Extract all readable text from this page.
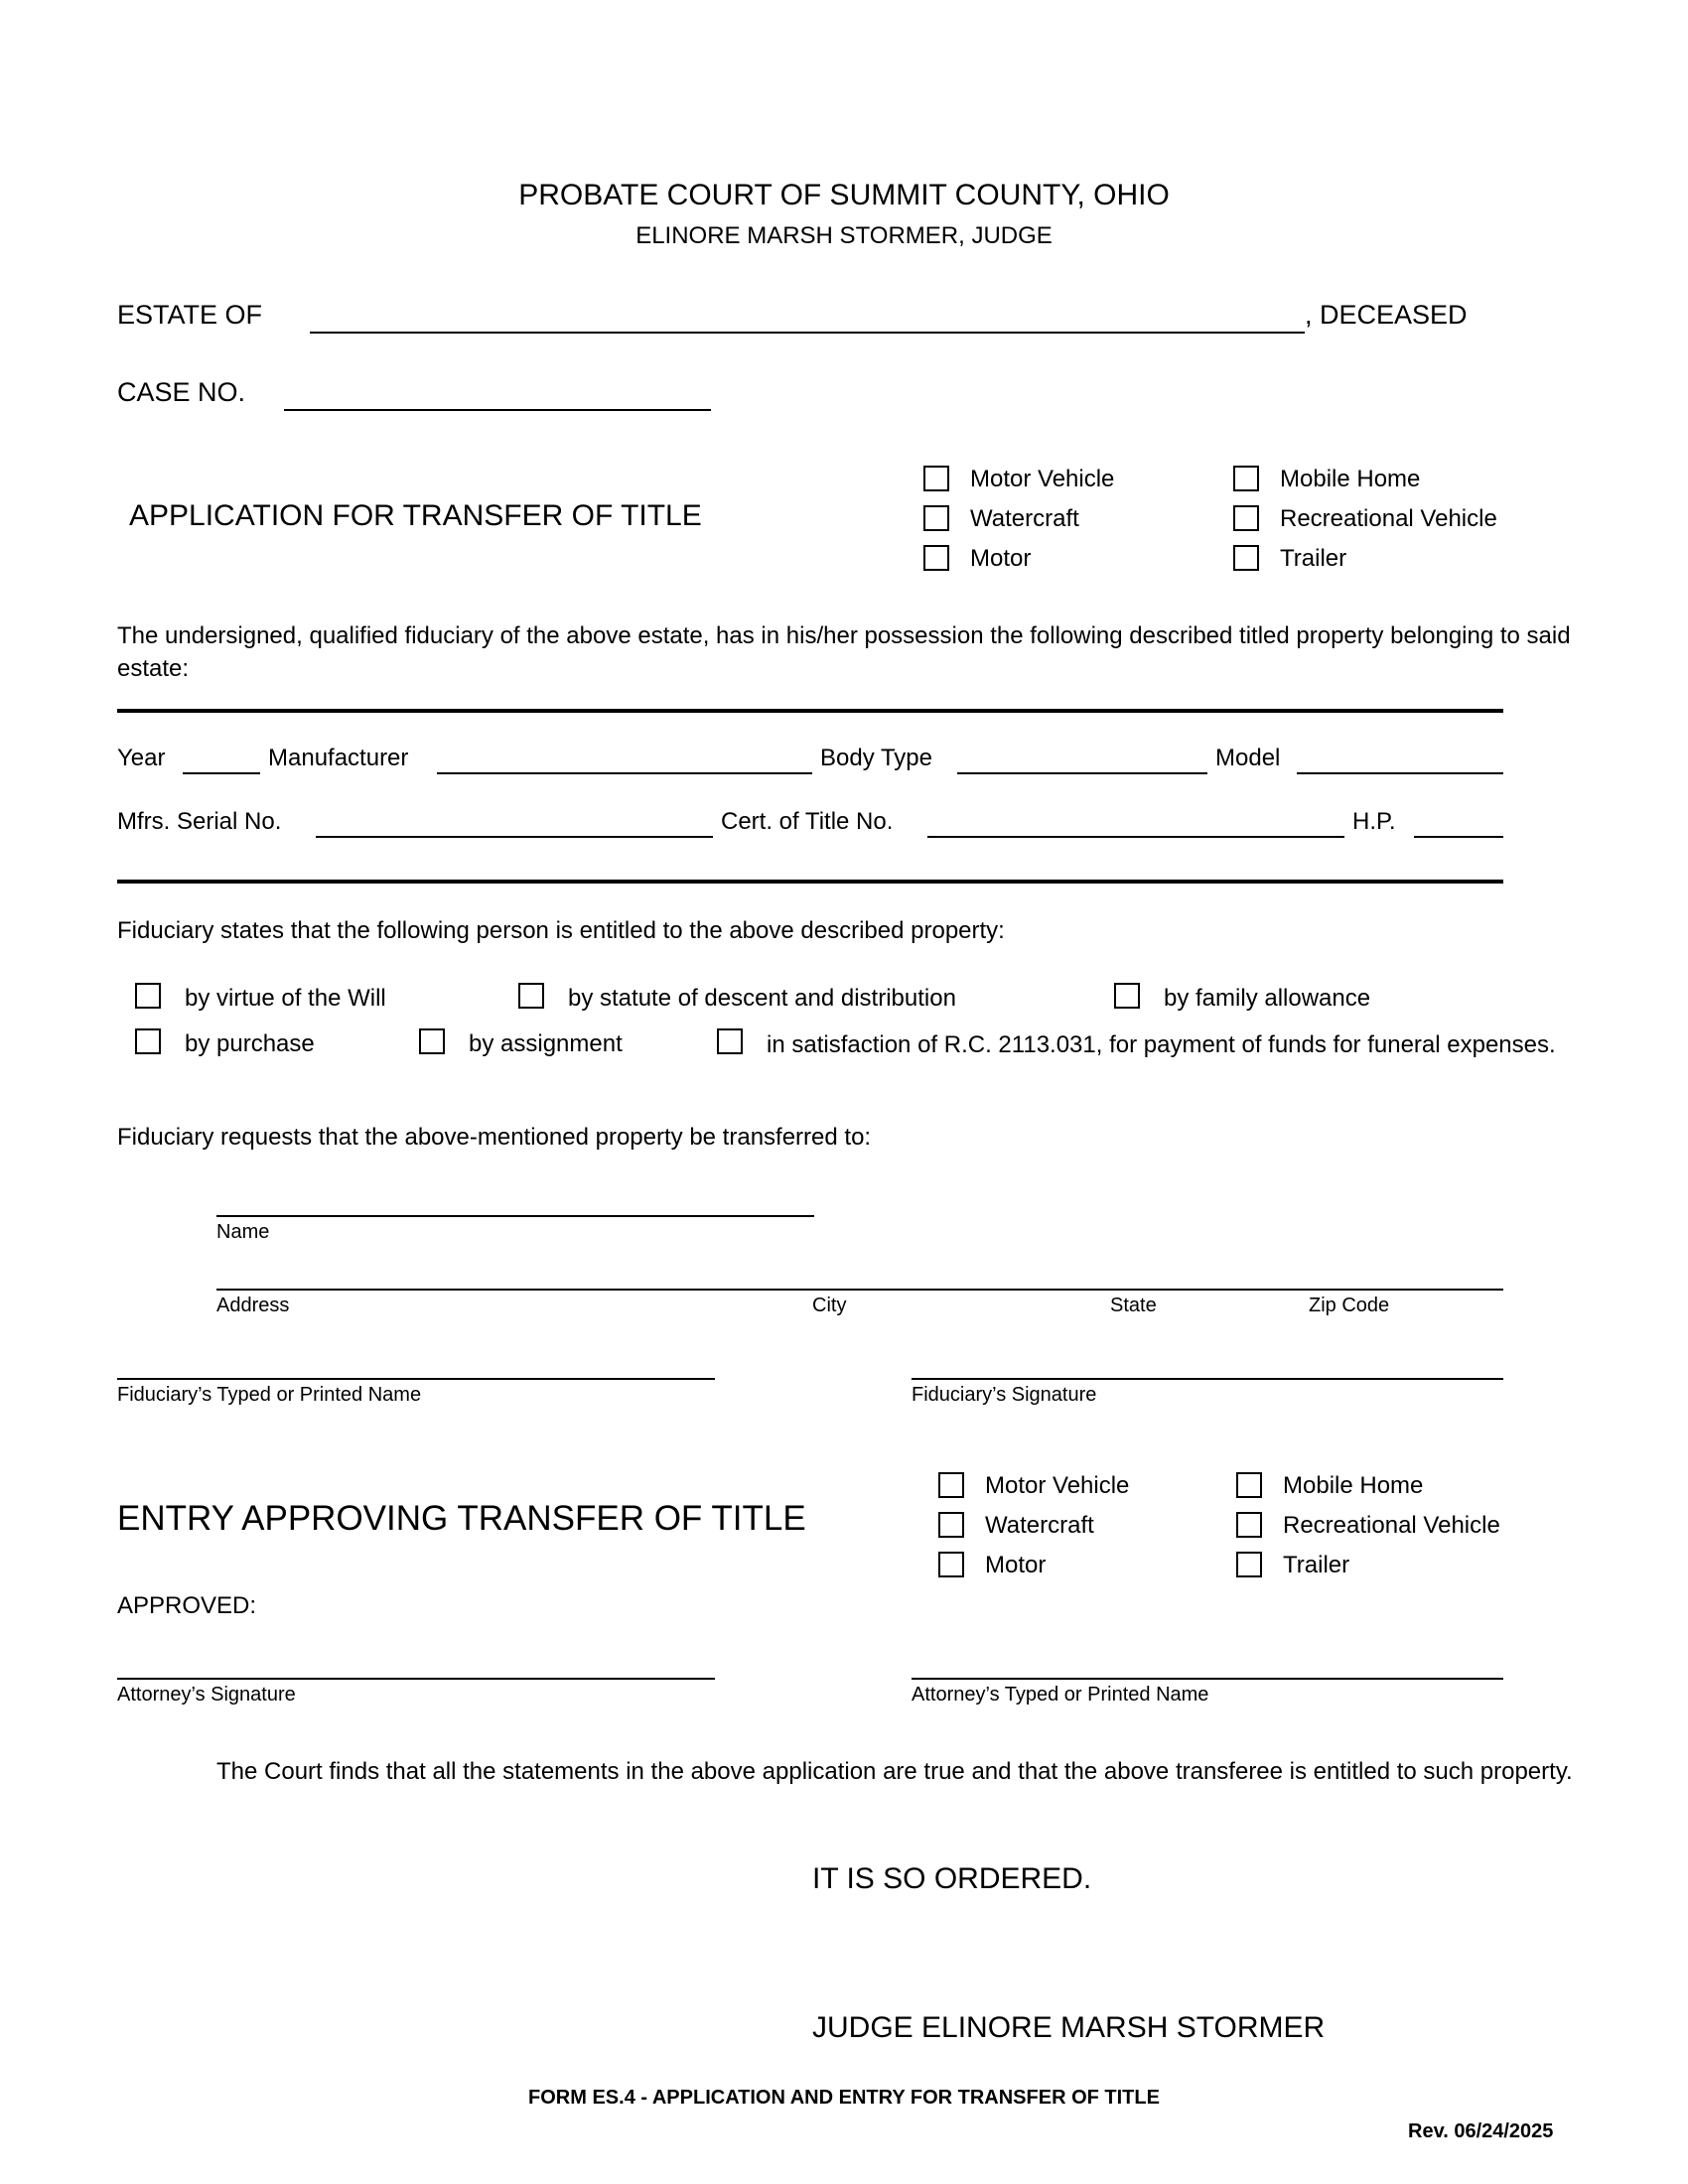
PROBATE COURT OF SUMMIT COUNTY, OHIO
ELINORE MARSH STORMER, JUDGE
ESTATE OF	, DECEASED
CASE NO.
APPLICATION FOR TRANSFER OF TITLE
Motor Vehicle
Watercraft
Motor
Mobile Home
Recreational Vehicle
Trailer
The undersigned, qualified fiduciary of the above estate, has in his/her possession the following described titled property belonging to said estate:
Year	Manufacturer	Body Type	Model
Mfrs. Serial No.	Cert. of Title No.	H.P.
Fiduciary states that the following person is entitled to the above described property:
by virtue of the Will	by statute of descent and distribution	by family allowance
by purchase	by assignment	in satisfaction of R.C. 2113.031, for payment of funds for funeral expenses.
Fiduciary requests that the above-mentioned property be transferred to:
Name
Address	City	State	Zip Code
Fiduciary’s Typed or Printed Name	Fiduciary’s Signature
ENTRY APPROVING TRANSFER OF TITLE
Motor Vehicle
Watercraft
Motor
Mobile Home
Recreational Vehicle
Trailer
APPROVED:
Attorney’s Signature	Attorney’s Typed or Printed Name
The Court finds that all the statements in the above application are true and that the above transferee is entitled to such property.
IT IS SO ORDERED.
JUDGE ELINORE MARSH STORMER
FORM ES.4 - APPLICATION AND ENTRY FOR TRANSFER OF TITLE
Rev. 06/24/2025
